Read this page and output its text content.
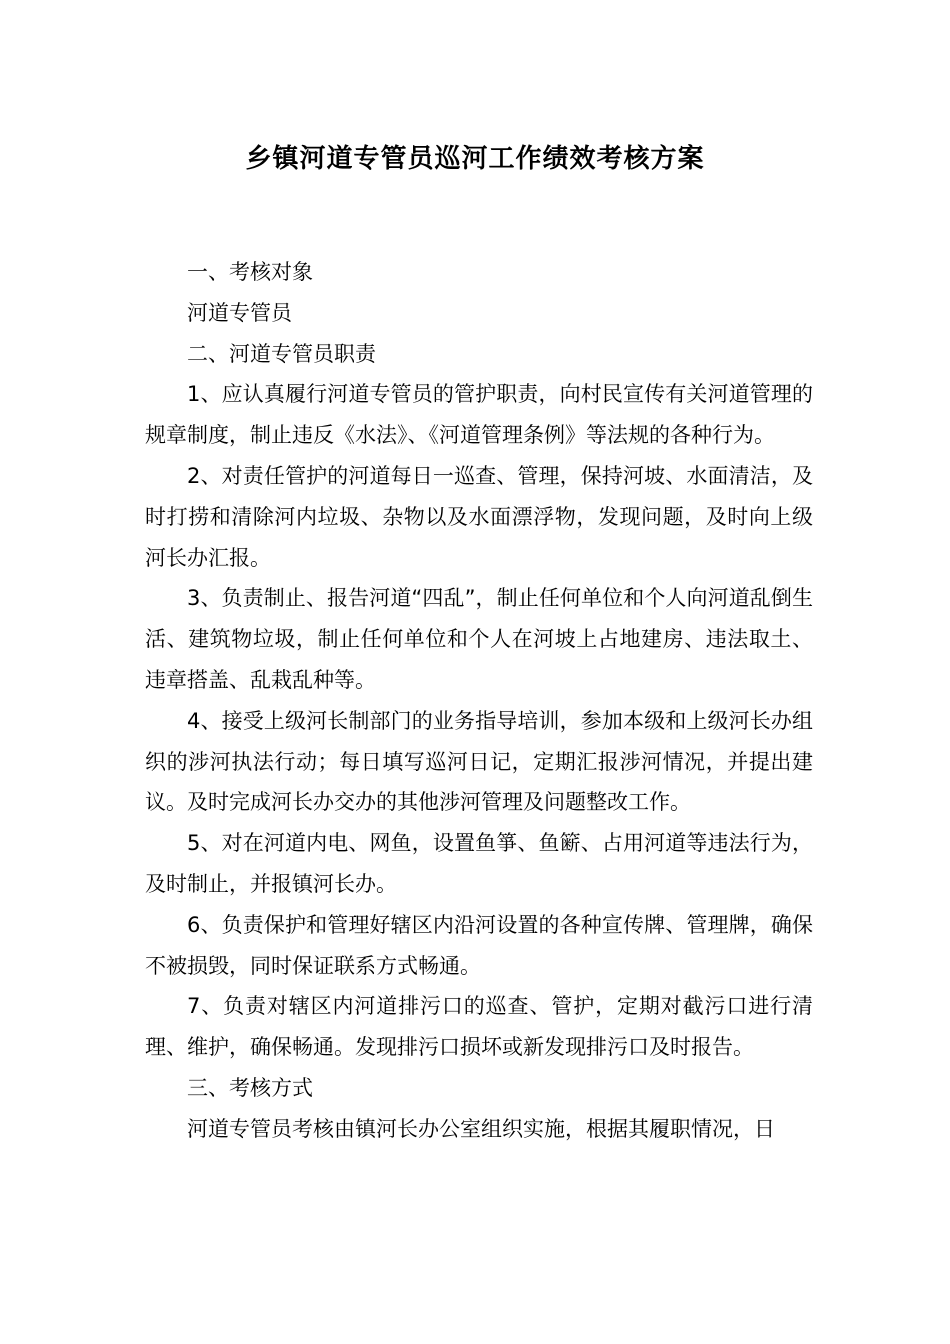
乡镇河道专管员巡河工作绩效考核方案

一、考核对象

河道专管员

二、河道专管员职责

1、应认真履行河道专管员的管护职责，向村民宣传有关河道管理的规章制度，制止违反《水法》、《河道管理条例》等法规的各种行为。

2、对责任管护的河道每日一巡查、管理，保持河坡、水面清洁，及时打捞和清除河内垃圾、杂物以及水面漂浮物，发现问题，及时向上级河长办汇报。

3、负责制止、报告河道“四乱”，制止任何单位和个人向河道乱倒生活、建筑物垃圾，制止任何单位和个人在河坡上占地建房、违法取土、违章搭盖、乱栽乱种等。

4、接受上级河长制部门的业务指导培训，参加本级和上级河长办组织的涉河执法行动；每日填写巡河日记，定期汇报涉河情况，并提出建议。及时完成河长办交办的其他涉河管理及问题整改工作。

5、对在河道内电、网鱼，设置鱼箏、鱼簖、占用河道等违法行为，及时制止，并报镇河长办。

6、负责保护和管理好辖区内沿河设置的各种宣传牌、管理牌，确保不被损毁，同时保证联系方式畅通。

7、负责对辖区内河道排污口的巡查、管护，定期对截污口进行清理、维护，确保畅通。发现排污口损坏或新发现排污口及时报告。

三、考核方式

河道专管员考核由镇河长办公室组织实施，根据其履职情况，日
